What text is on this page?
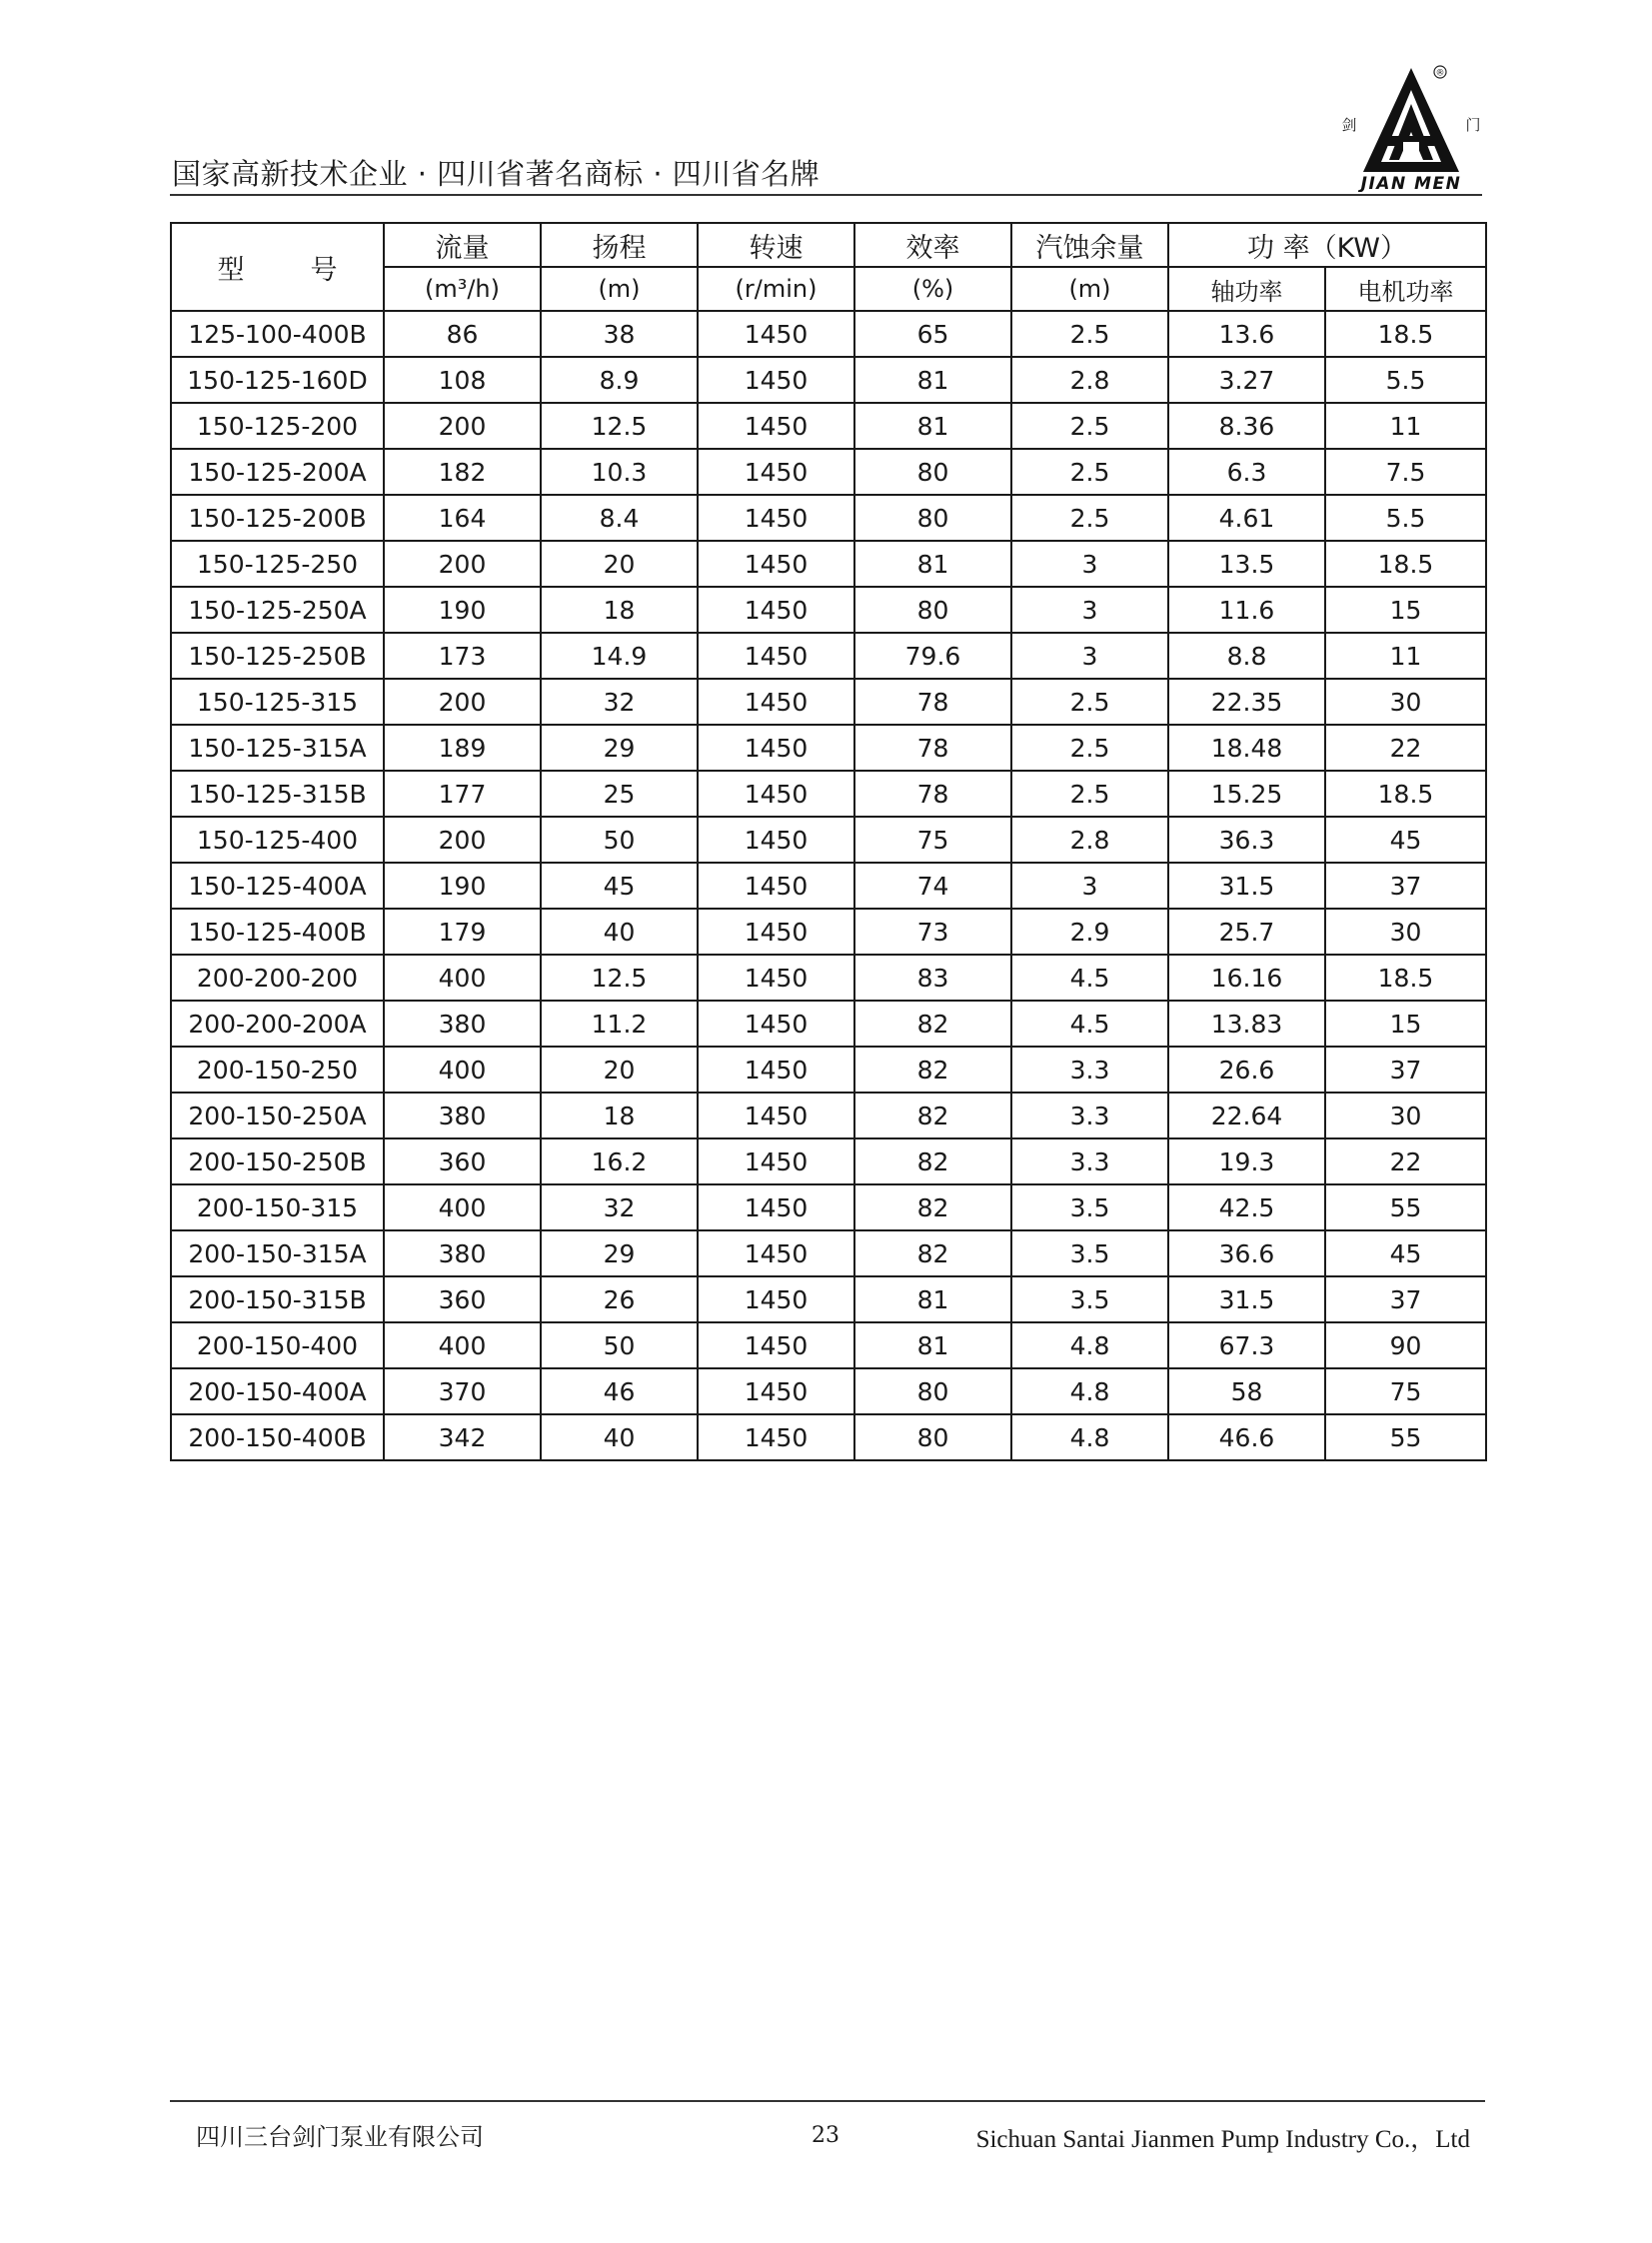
国家高新技术企业 · 四川省著名商标 · 四川省名牌
®
剑	门
JIAN MEN
型 号	流量	扬程	转速	效率	汽蚀余量	功 率（KW）	
	(m³/h)	(m)	(r/min)	(%)	(m)	轴功率	电机功率
125-100-400B	86	38	1450	65	2.5	13.6	18.5
150-125-160D	108	8.9	1450	81	2.8	3.27	5.5
150-125-200	200	12.5	1450	81	2.5	8.36	11
150-125-200A	182	10.3	1450	80	2.5	6.3	7.5
150-125-200B	164	8.4	1450	80	2.5	4.61	5.5
150-125-250	200	20	1450	81	3	13.5	18.5
150-125-250A	190	18	1450	80	3	11.6	15
150-125-250B	173	14.9	1450	79.6	3	8.8	11
150-125-315	200	32	1450	78	2.5	22.35	30
150-125-315A	189	29	1450	78	2.5	18.48	22
150-125-315B	177	25	1450	78	2.5	15.25	18.5
150-125-400	200	50	1450	75	2.8	36.3	45
150-125-400A	190	45	1450	74	3	31.5	37
150-125-400B	179	40	1450	73	2.9	25.7	30
200-200-200	400	12.5	1450	83	4.5	16.16	18.5
200-200-200A	380	11.2	1450	82	4.5	13.83	15
200-150-250	400	20	1450	82	3.3	26.6	37
200-150-250A	380	18	1450	82	3.3	22.64	30
200-150-250B	360	16.2	1450	82	3.3	19.3	22
200-150-315	400	32	1450	82	3.5	42.5	55
200-150-315A	380	29	1450	82	3.5	36.6	45
200-150-315B	360	26	1450	81	3.5	31.5	37
200-150-400	400	50	1450	81	4.8	67.3	90
200-150-400A	370	46	1450	80	4.8	58	75
200-150-400B	342	40	1450	80	4.8	46.6	55
四川三台剑门泵业有限公司	23	Sichuan Santai Jianmen Pump Industry Co.，Ltd
